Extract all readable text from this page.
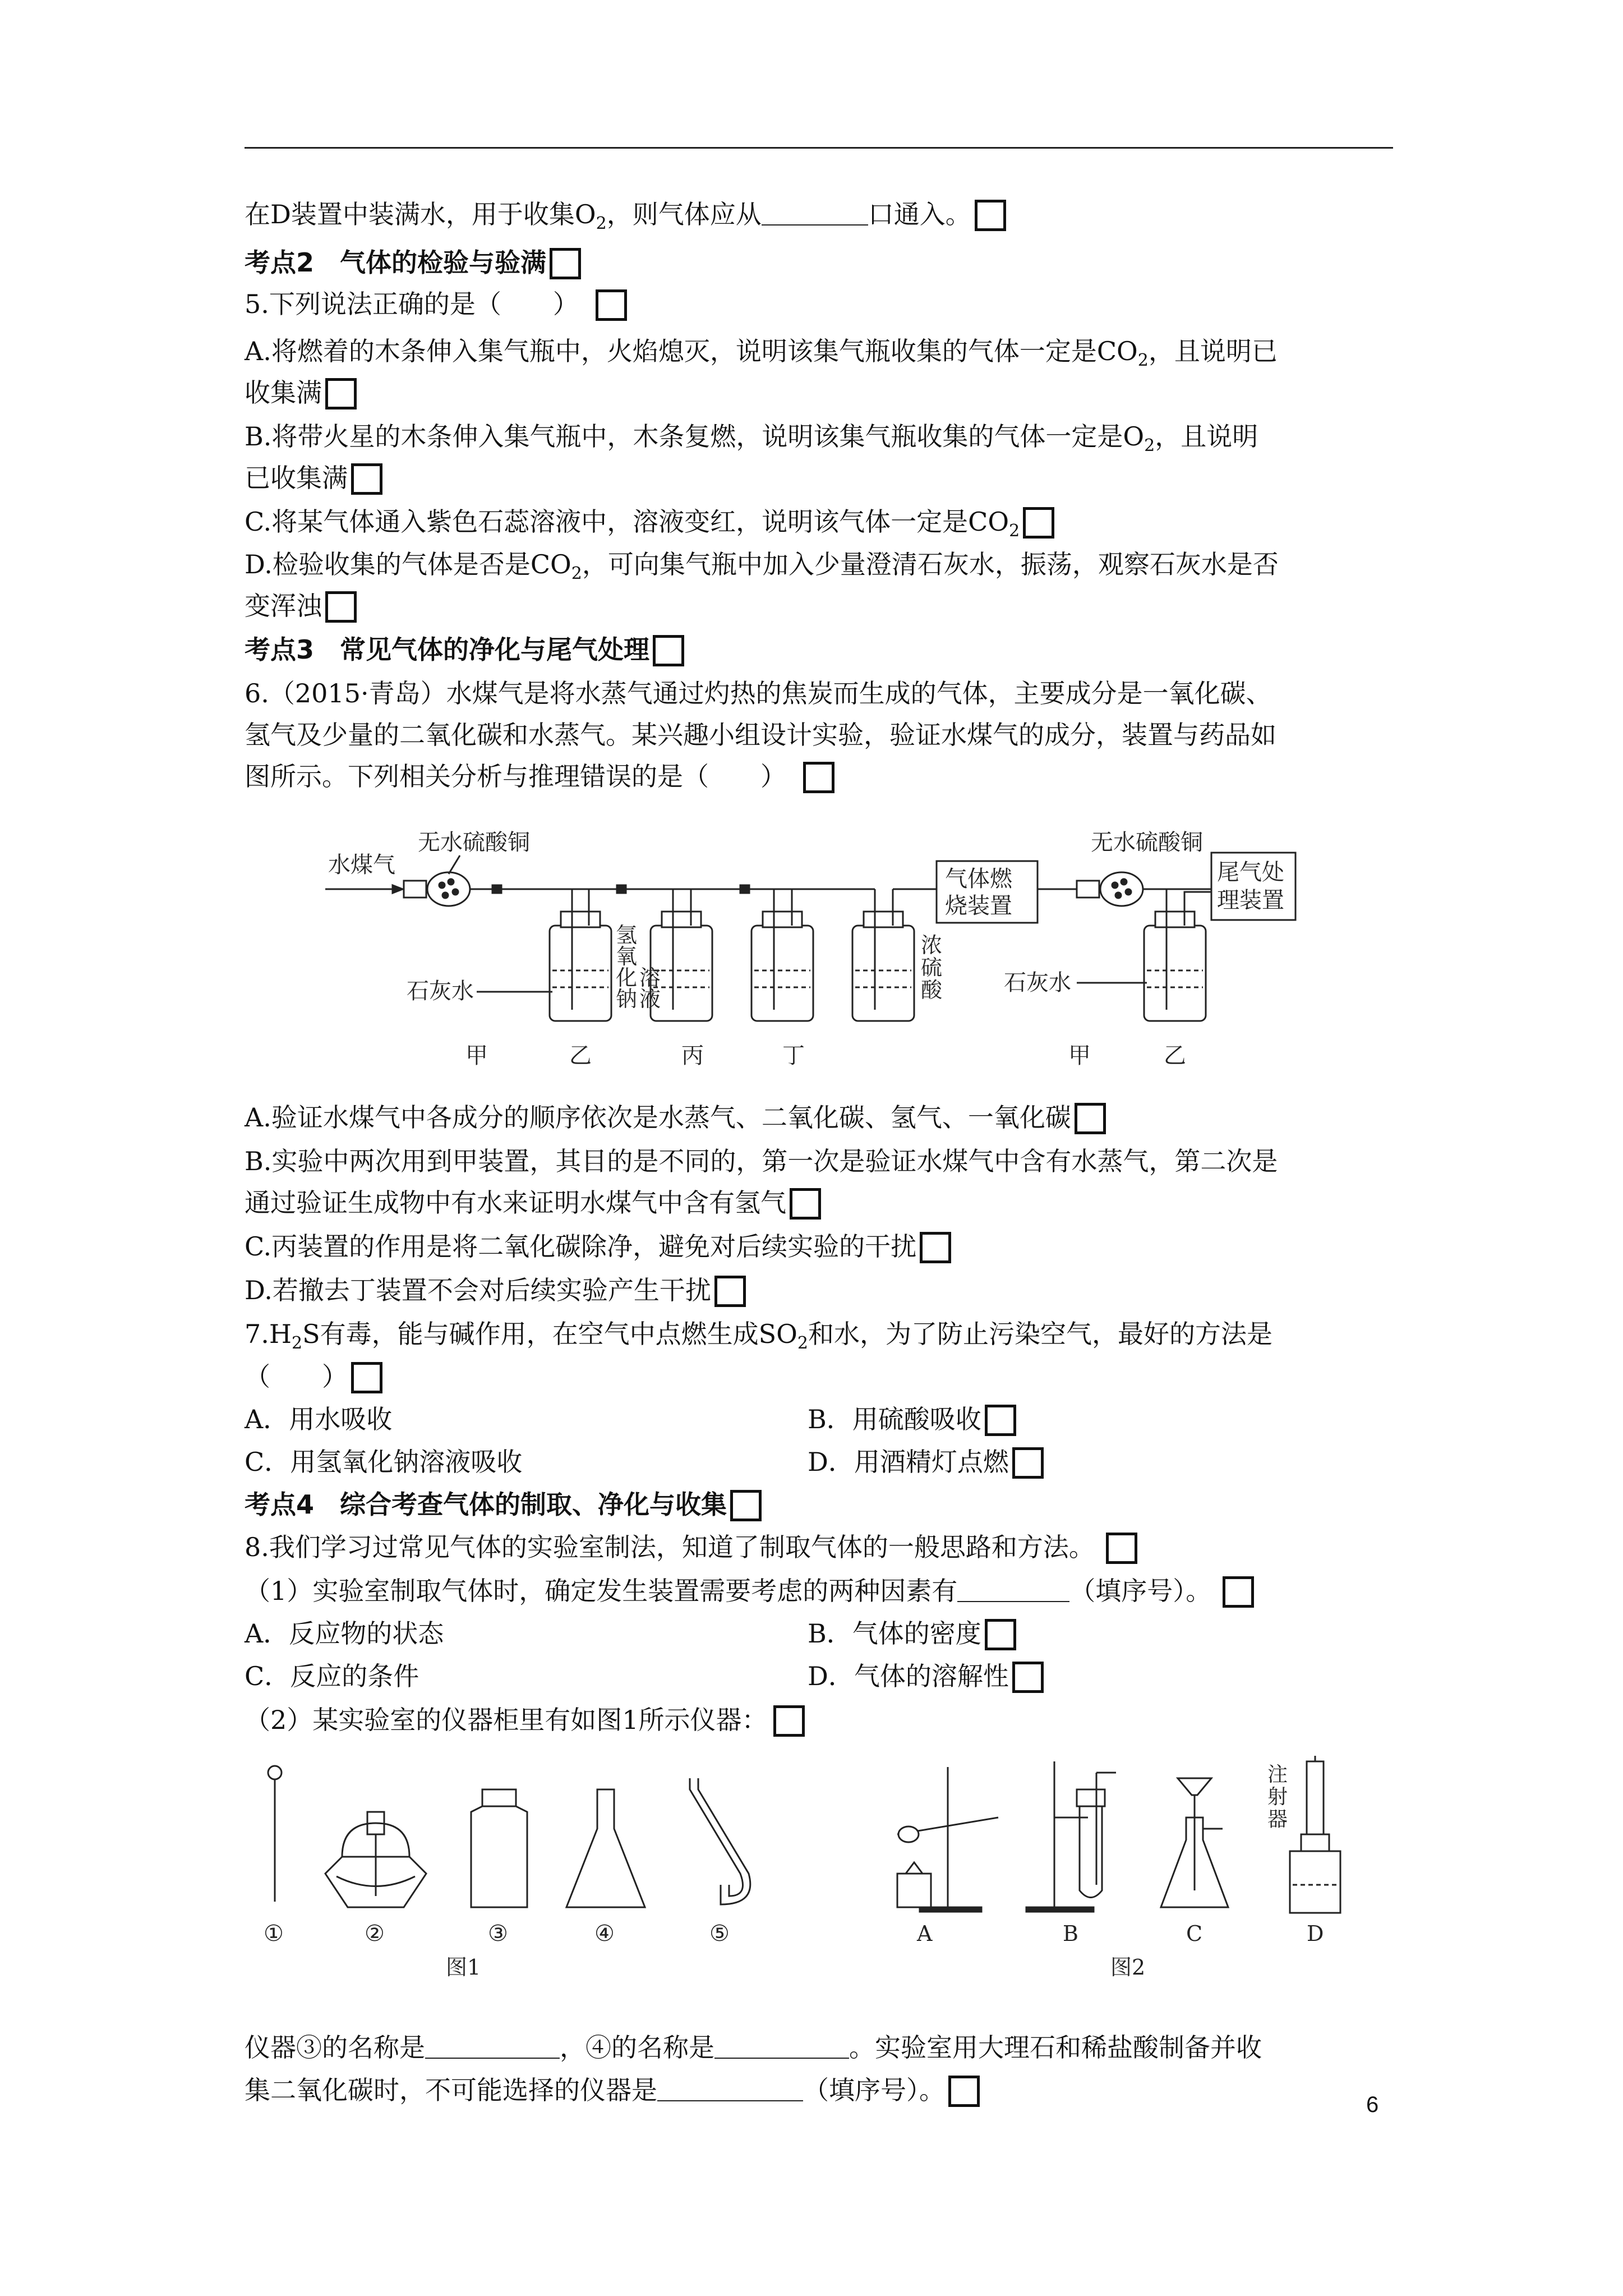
在D装置中装满水，用于收集$O_2$，则气体应从	口通入。
考点2　气体的检验与验满
5.下列说法正确的是（　　）
A.将燃着的木条伸入集气瓶中，火焰熄灭，说明该集气瓶收集的气体一定是$CO_2$，且说明已
收集满
B.将带火星的木条伸入集气瓶中，木条复燃，说明该集气瓶收集的气体一定是$O_2$，且说明
已收集满
C.将某气体通入紫色石蕊溶液中，溶液变红，说明该气体一定是$CO_2$
D.检验收集的气体是否是$CO_2$，可向集气瓶中加入少量澄清石灰水，振荡，观察石灰水是否
变浑浊
考点3　常见气体的净化与尾气处理
6.（2015·青岛）水煤气是将水蒸气通过灼热的焦炭而生成的气体，主要成分是一氧化碳、
氢气及少量的二氧化碳和水蒸气。某兴趣小组设计实验，验证水煤气的成分，装置与药品如
图所示。下列相关分析与推理错误的是（　　）
水煤气
无水硫酸铜
石灰水
氢
氧
化
钠
溶
液
浓
硫
酸
气体燃
烧装置
无水硫酸铜
石灰水
尾气处
理装置
甲	乙	丙	丁	甲	乙
A.验证水煤气中各成分的顺序依次是水蒸气、二氧化碳、氢气、一氧化碳
B.实验中两次用到甲装置，其目的是不同的，第一次是验证水煤气中含有水蒸气，第二次是
通过验证生成物中有水来证明水煤气中含有氢气
C.丙装置的作用是将二氧化碳除净，避免对后续实验的干扰
D.若撤去丁装置不会对后续实验产生干扰
$7.H_2S$有毒，能与碱作用，在空气中点燃生成$SO_2$和水，为了防止污染空气，最好的方法是
（　　）
A．用水吸收	B．用硫酸吸收
C．用氢氧化钠溶液吸收	D．用酒精灯点燃
考点4　综合考查气体的制取、净化与收集
8.我们学习过常见气体的实验室制法，知道了制取气体的一般思路和方法。
（1）实验室制取气体时，确定发生装置需要考虑的两种因素有	（填序号）。
A．反应物的状态	B．气体的密度
C．反应的条件	D．气体的溶解性
（2）某实验室的仪器柜里有如图1所示仪器：
①	②	③	④	⑤
图1
注
射
器
A	B	C	D
图2
仪器③的名称是	，④的名称是	。实验室用大理石和稀盐酸制备并收
集二氧化碳时，不可能选择的仪器是	（填序号）。	6
